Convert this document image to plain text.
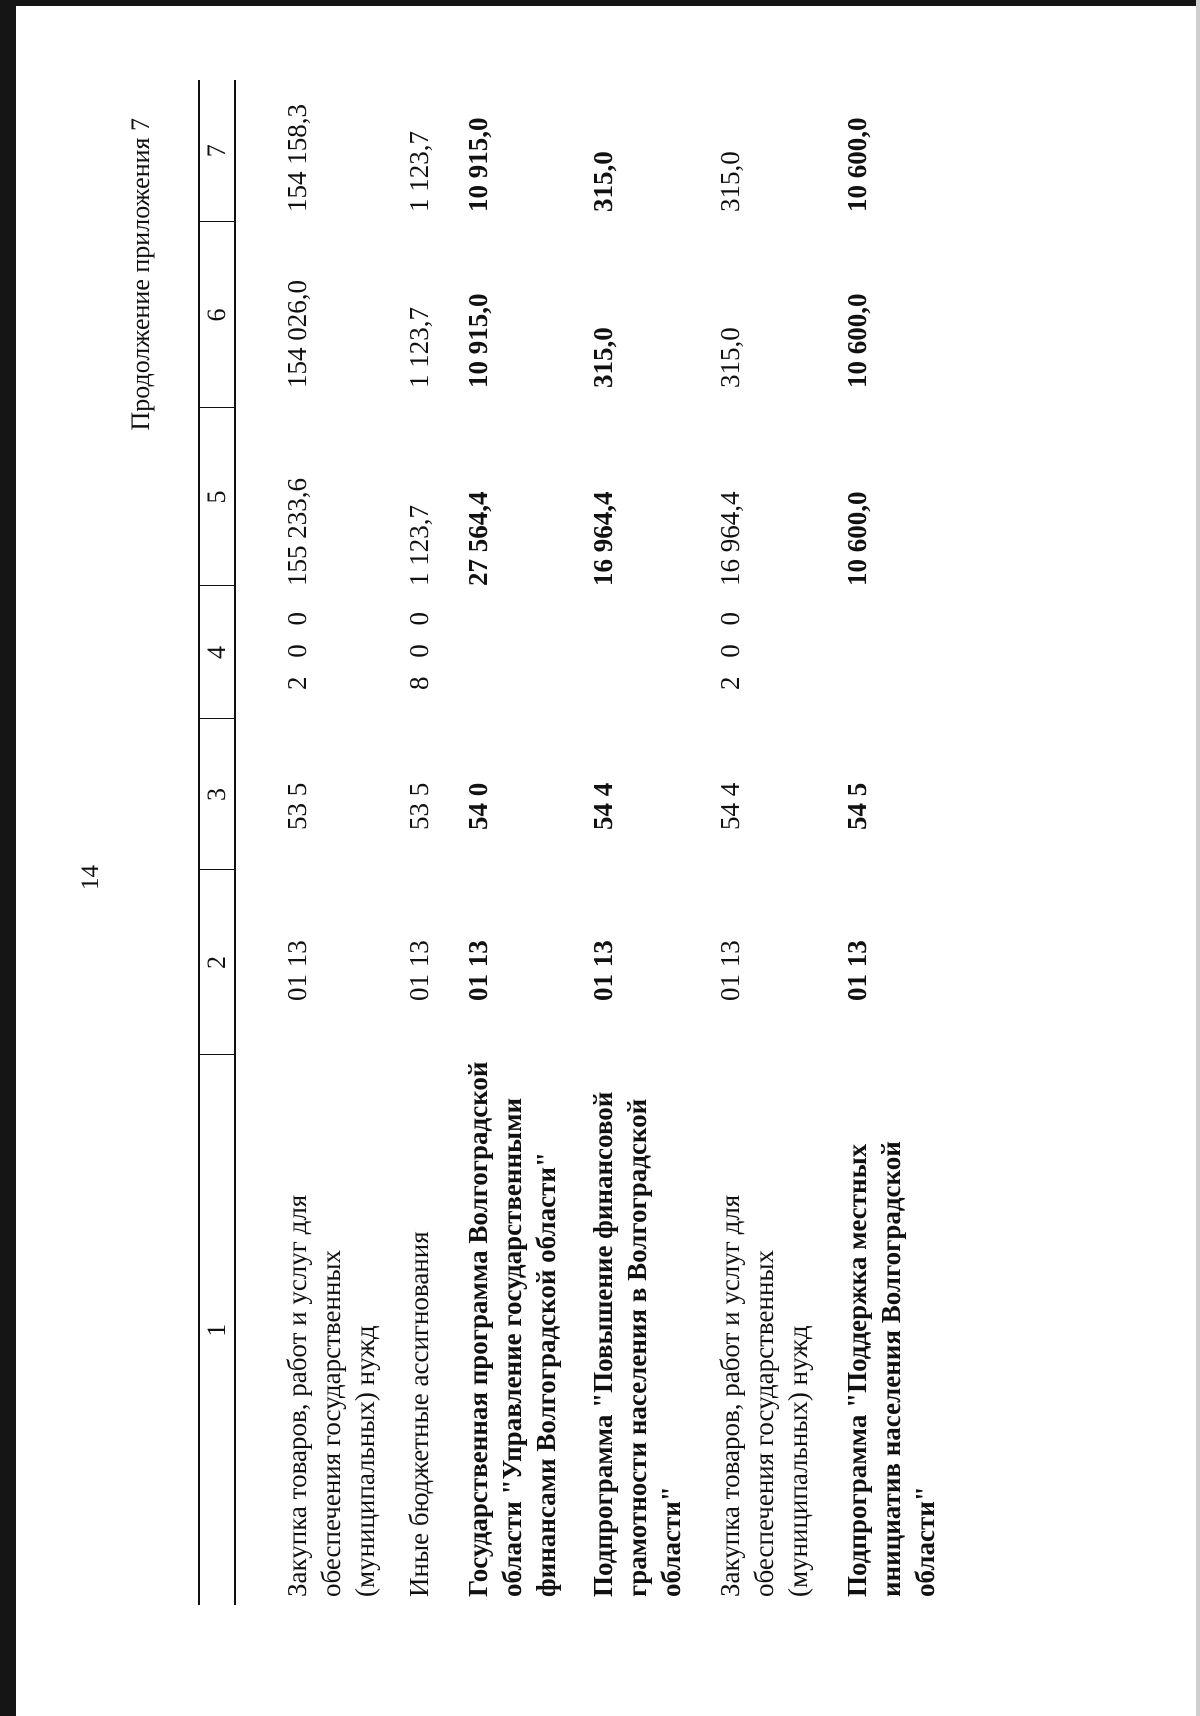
14
Продолжение приложения 7
1	2	3	4	5	6	7
Закупка товаров, работ и услуг для обеспечения государственных (муниципальных) нужд	01 13	53 5	2 0 0	155 233,6	154 026,0	154 158,3
Иные бюджетные ассигнования	01 13	53 5	8 0 0	1 123,7	1 123,7	1 123,7
Государственная программа Волгоградской области "Управление государственными финансами Волгоградской области"	01 13	54 0		27 564,4	10 915,0	10 915,0
Подпрограмма "Повышение финансовой грамотности населения в Волгоградской области"	01 13	54 4		16 964,4	315,0	315,0
Закупка товаров, работ и услуг для обеспечения государственных (муниципальных) нужд	01 13	54 4	2 0 0	16 964,4	315,0	315,0
Подпрограмма "Поддержка местных инициатив населения Волгоградской области"	01 13	54 5		10 600,0	10 600,0	10 600,0
